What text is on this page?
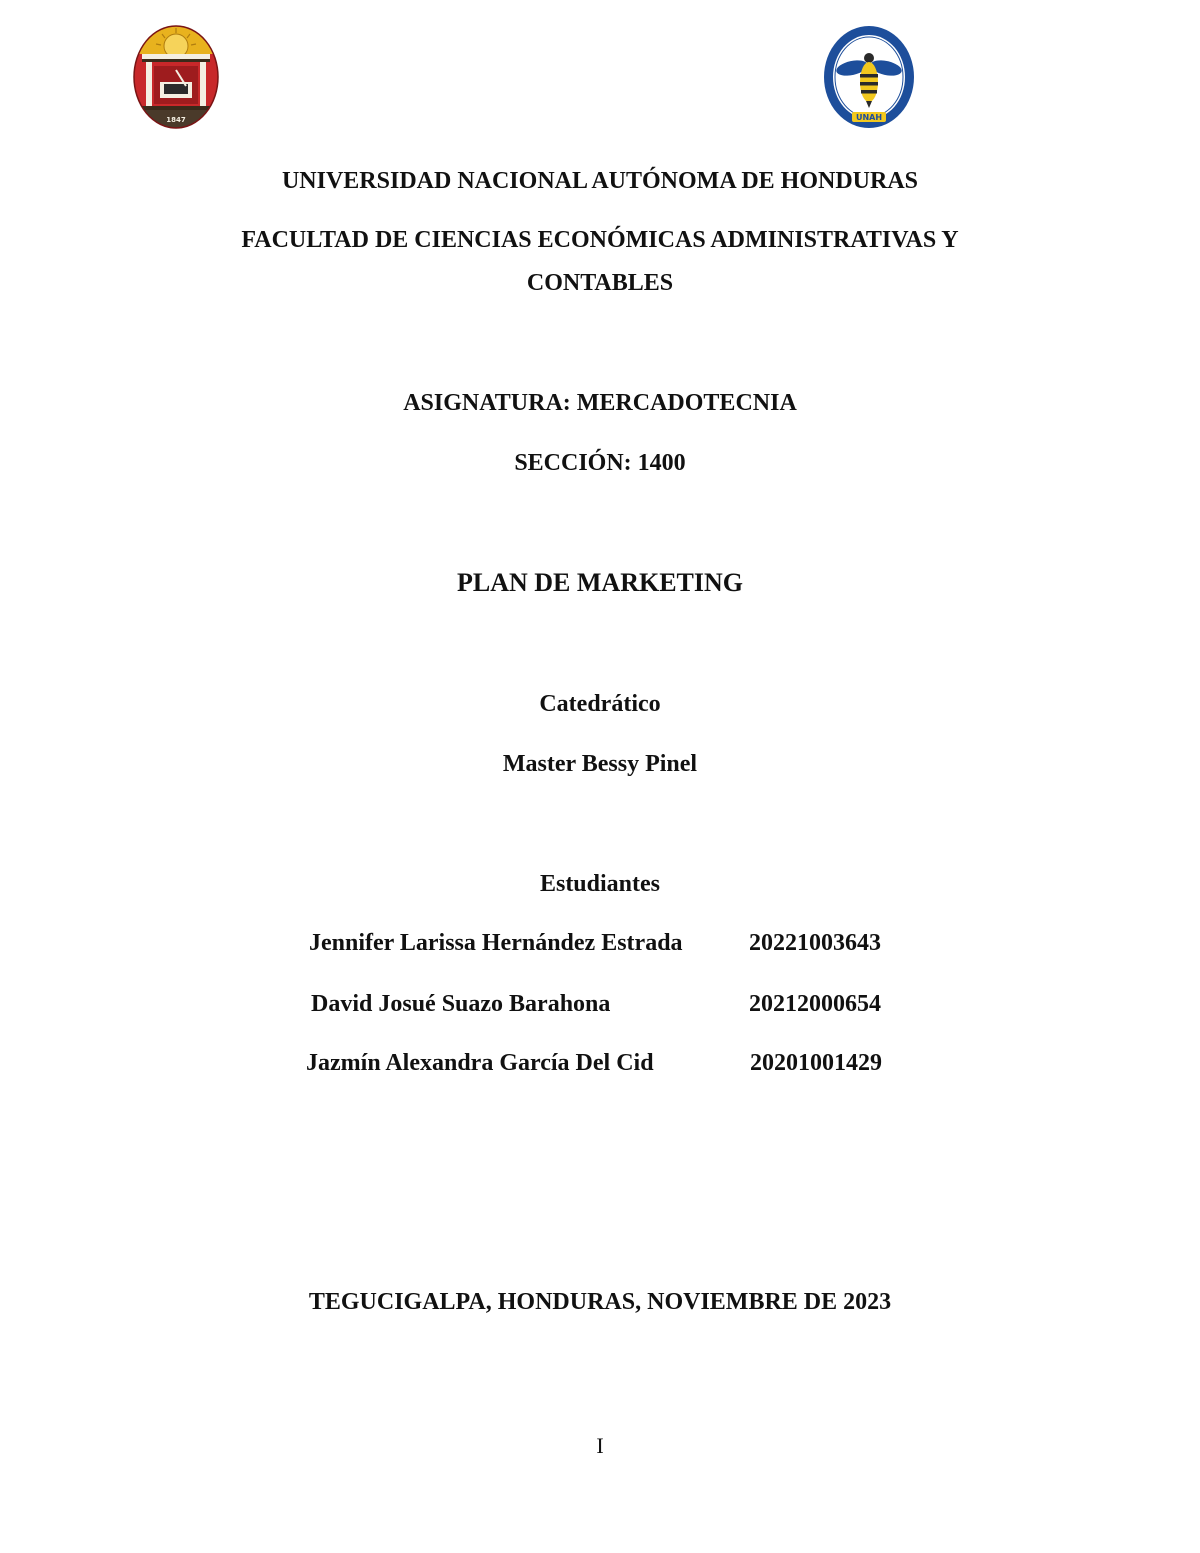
1847	UNAH
UNIVERSIDAD NACIONAL AUTÓNOMA DE HONDURAS
FACULTAD DE CIENCIAS ECONÓMICAS ADMINISTRATIVAS Y
CONTABLES
ASIGNATURA: MERCADOTECNIA
SECCIÓN: 1400
PLAN DE MARKETING
Catedrático
Master Bessy Pinel
Estudiantes
Jennifer Larissa Hernández Estrada	20221003643
David Josué Suazo Barahona	20212000654
Jazmín Alexandra García Del Cid	20201001429
TEGUCIGALPA, HONDURAS, NOVIEMBRE DE 2023
I
